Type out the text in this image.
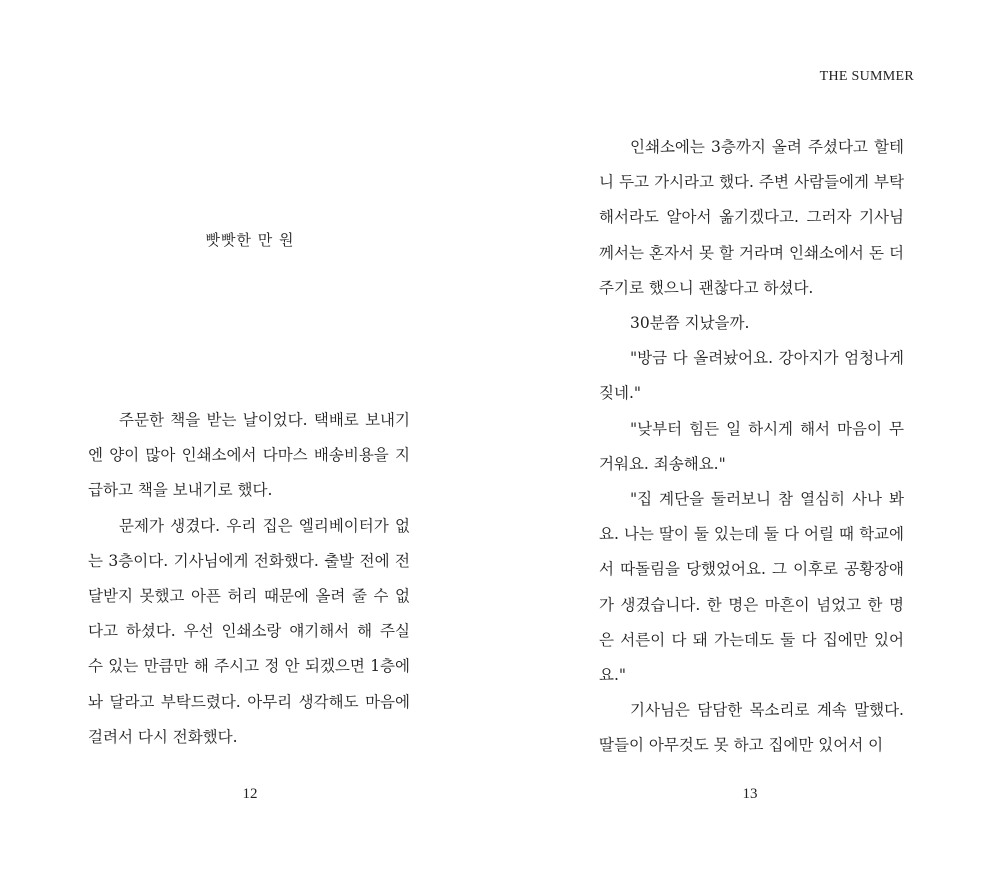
빳빳한 만 원

주문한 책을 받는 날이었다. 택배로 보내기엔 양이 많아 인쇄소에서 다마스 배송비용을 지급하고 책을 보내기로 했다.

문제가 생겼다. 우리 집은 엘리베이터가 없는 3층이다. 기사님에게 전화했다. 출발 전에 전달받지 못했고 아픈 허리 때문에 올려 줄 수 없다고 하셨다. 우선 인쇄소랑 얘기해서 해 주실 수 있는 만큼만 해 주시고 정 안 되겠으면 1층에 놔 달라고 부탁드렸다. 아무리 생각해도 마음에 걸려서 다시 전화했다.

12
THE SUMMER

인쇄소에는 3층까지 올려 주셨다고 할테니 두고 가시라고 했다. 주변 사람들에게 부탁해서라도 알아서 옮기겠다고. 그러자 기사님께서는 혼자서 못 할 거라며 인쇄소에서 돈 더 주기로 했으니 괜찮다고 하셨다.

30분쯤 지났을까.

"방금 다 올려놨어요. 강아지가 엄청나게 짖네."

"낮부터 힘든 일 하시게 해서 마음이 무거워요. 죄송해요."

"집 계단을 둘러보니 참 열심히 사나 봐요. 나는 딸이 둘 있는데 둘 다 어릴 때 학교에서 따돌림을 당했었어요. 그 이후로 공황장애가 생겼습니다. 한 명은 마흔이 넘었고 한 명은 서른이 다 돼 가는데도 둘 다 집에만 있어요."

기사님은 담담한 목소리로 계속 말했다. 딸들이 아무것도 못 하고 집에만 있어서 이

13
